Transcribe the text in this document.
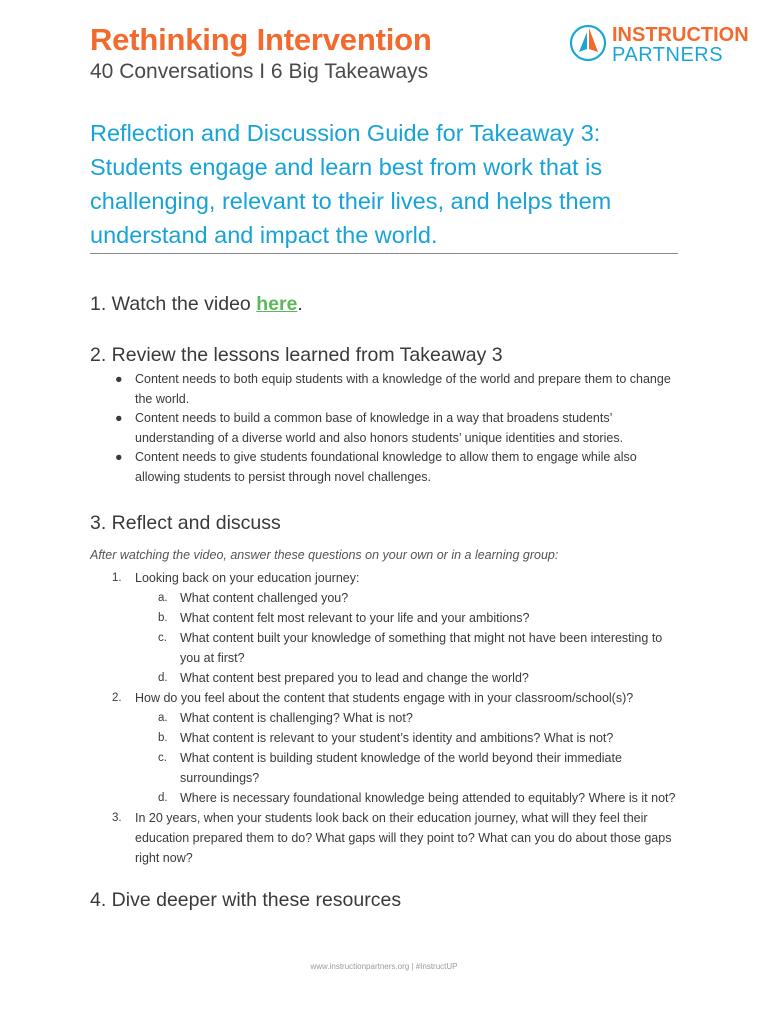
Rethinking Intervention
40 Conversations I 6 Big Takeaways
INSTRUCTION
PARTNERS
Reflection and Discussion Guide for Takeaway 3: Students engage and learn best from work that is challenging, relevant to their lives, and helps them understand and impact the world.
1. Watch the video here.
2. Review the lessons learned from Takeaway 3
● Content needs to both equip students with a knowledge of the world and prepare them to change the world.
● Content needs to build a common base of knowledge in a way that broadens students’ understanding of a diverse world and also honors students’ unique identities and stories.
● Content needs to give students foundational knowledge to allow them to engage while also allowing students to persist through novel challenges.
3. Reflect and discuss
After watching the video, answer these questions on your own or in a learning group:
1. Looking back on your education journey:
a. What content challenged you?
b. What content felt most relevant to your life and your ambitions?
c. What content built your knowledge of something that might not have been interesting to you at first?
d. What content best prepared you to lead and change the world?
2. How do you feel about the content that students engage with in your classroom/school(s)?
a. What content is challenging? What is not?
b. What content is relevant to your student’s identity and ambitions? What is not?
c. What content is building student knowledge of the world beyond their immediate surroundings?
d. Where is necessary foundational knowledge being attended to equitably? Where is it not?
3. In 20 years, when your students look back on their education journey, what will they feel their education prepared them to do? What gaps will they point to? What can you do about those gaps right now?
4. Dive deeper with these resources
www.instructionpartners.org | #InstructUP
